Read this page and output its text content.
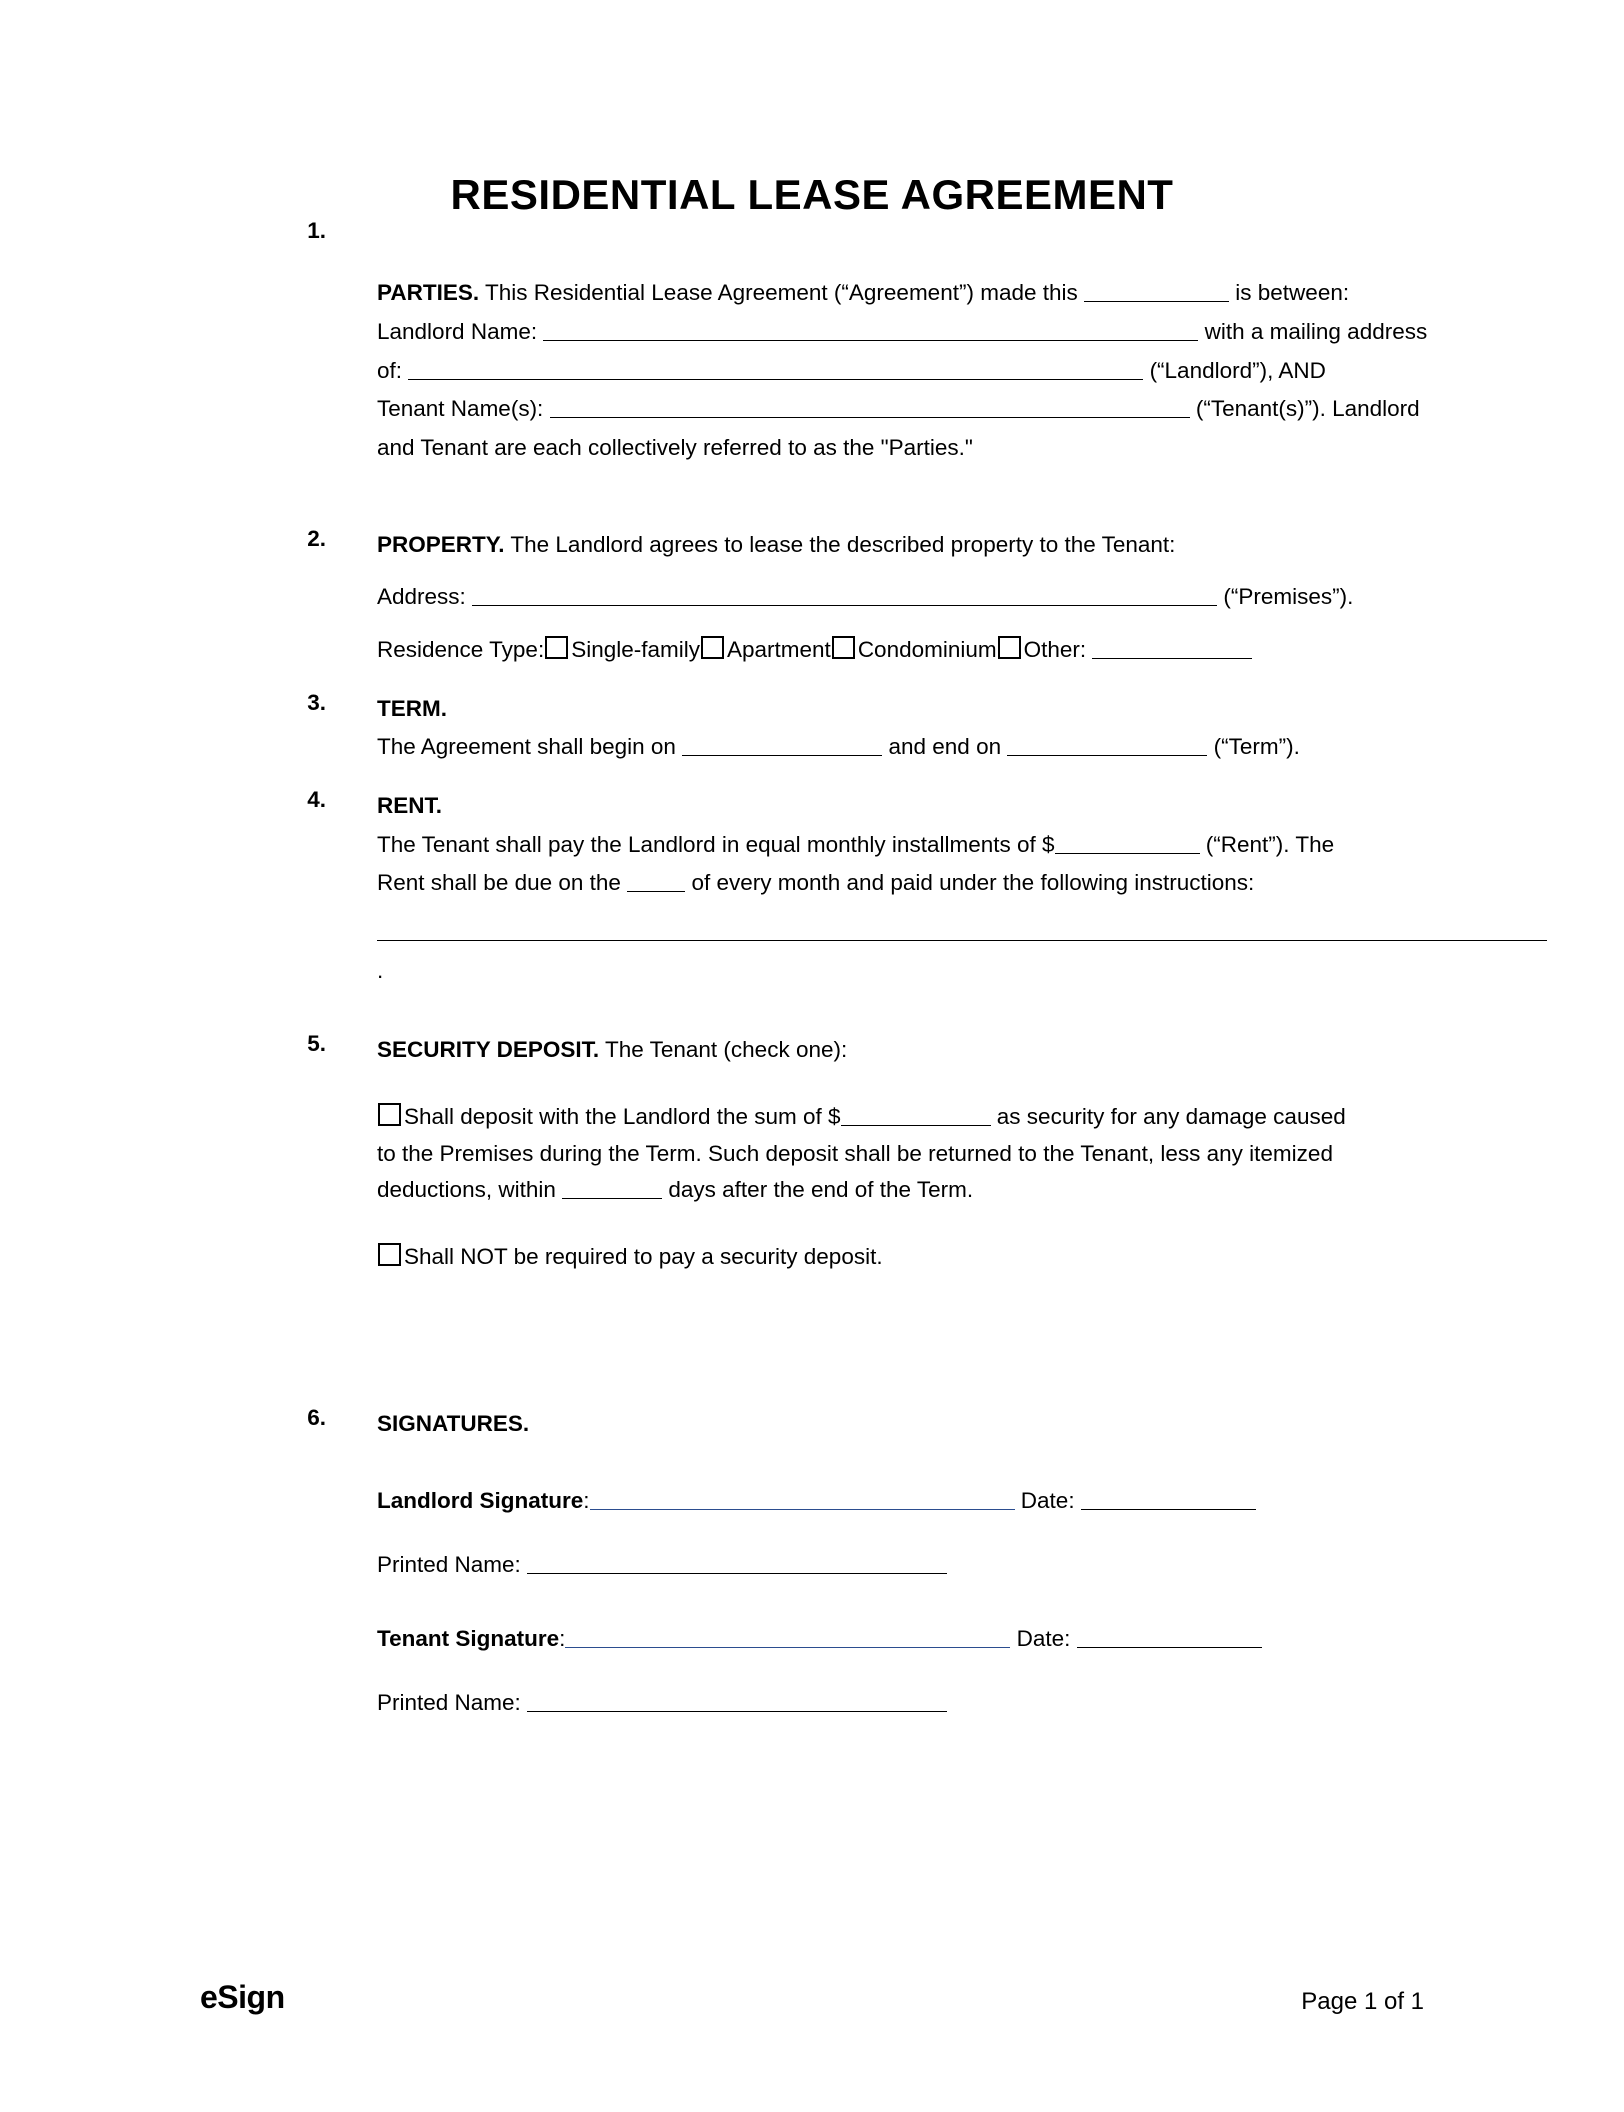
RESIDENTIAL LEASE AGREEMENT
1.
PARTIES. This Residential Lease Agreement (“Agreement”) made this	is between:
Landlord Name:	with a mailing address
of:	(“Landlord”), AND
Tenant Name(s):	(“Tenant(s)”). Landlord
and Tenant are each collectively referred to as the "Parties."
2. PROPERTY. The Landlord agrees to lease the described property to the Tenant:
Address:	(“Premises”).
Residence Type: Single-family Apartment Condominium Other:
3. TERM.
The Agreement shall begin on	and end on	(“Term”).
4. RENT.
The Tenant shall pay the Landlord in equal monthly installments of $	(“Rent”). The
Rent shall be due on the	of every month and paid under the following instructions:
.
5. SECURITY DEPOSIT. The Tenant (check one):
Shall deposit with the Landlord the sum of $	as security for any damage caused
to the Premises during the Term. Such deposit shall be returned to the Tenant, less any itemized
deductions, within	days after the end of the Term.
Shall NOT be required to pay a security deposit.
6. SIGNATURES.
Landlord Signature:	Date:
Printed Name:
Tenant Signature:	Date:
Printed Name:
eSign	Page 1 of 1
